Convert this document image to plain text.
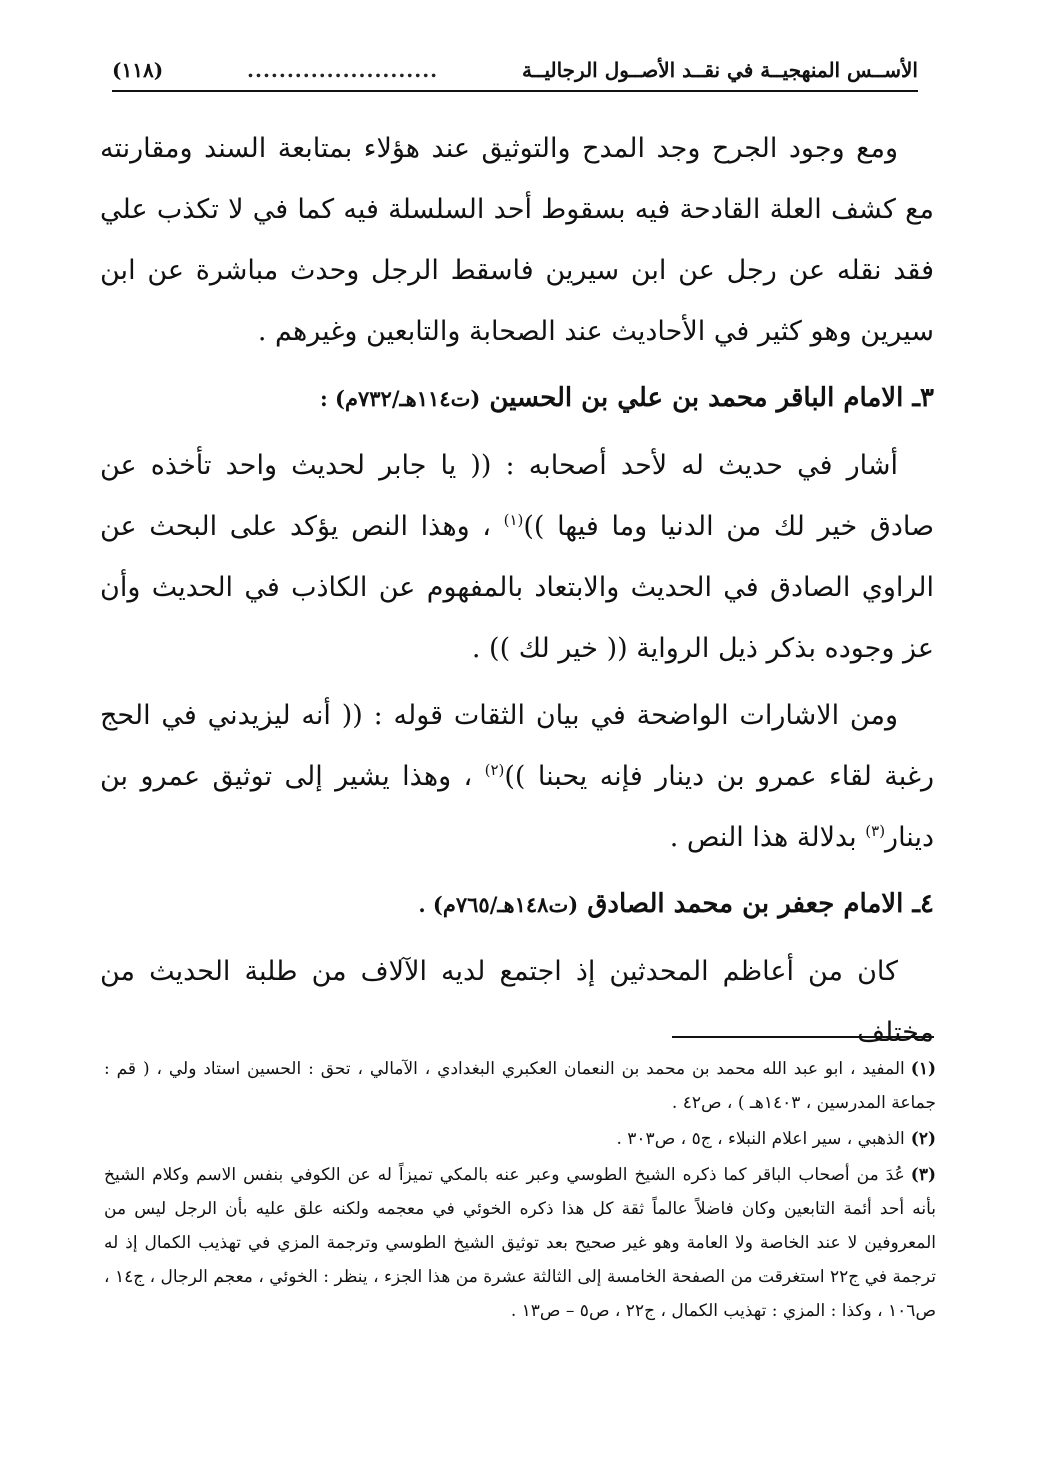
الأســس المنهجيــة في نقــد الأصــول الرجاليــة
........................
(١١٨)

ومع وجود الجرح وجد المدح والتوثيق عند هؤلاء بمتابعة السند ومقارنته مع كشف العلة القادحة فيه بسقوط أحد السلسلة فيه كما في لا تكذب علي فقد نقله عن رجل عن ابن سيرين فاسقط الرجل وحدث مباشرة عن ابن سيرين وهو كثير في الأحاديث عند الصحابة والتابعين وغيرهم .

٣ـ الامام الباقر محمد بن علي بن الحسين (ت١١٤هـ/٧٣٢م) :

أشار في حديث له لأحد أصحابه : (( يا جابر لحديث واحد تأخذه عن صادق خير لك من الدنيا وما فيها ))$^{(١)}$ ، وهذا النص يؤكد على البحث عن الراوي الصادق في الحديث والابتعاد بالمفهوم عن الكاذب في الحديث وأن عز وجوده بذكر ذيل الرواية (( خير لك )) .

ومن الاشارات الواضحة في بيان الثقات قوله : (( أنه ليزيدني في الحج رغبة لقاء عمرو بن دينار فإنه يحبنا ))$^{(٢)}$ ، وهذا يشير إلى توثيق عمرو بن دينار$^{(٣)}$ بدلالة هذا النص .

٤ـ الامام جعفر بن محمد الصادق (ت١٤٨هـ/٧٦٥م) .

كان من أعاظم المحدثين إذ اجتمع لديه الآلاف من طلبة الحديث من مختلف

(١)المفيد ، ابو عبد الله محمد بن محمد بن النعمان العكبري البغدادي ، الآمالي ، تحق : الحسين استاد ولي ، ( قم : جماعة المدرسين ، ١٤٠٣هـ ) ، ص٤٢ .

(٢)الذهبي ، سير اعلام النبلاء ، ج٥ ، ص٣٠٣ .

(٣)عُدَ من أصحاب الباقر كما ذكره الشيخ الطوسي وعبر عنه بالمكي تميزاً له عن الكوفي بنفس الاسم وكلام الشيخ بأنه أحد أئمة التابعين وكان فاضلاً عالماً ثقة كل هذا ذكره الخوئي في معجمه ولكنه علق عليه بأن الرجل ليس من المعروفين لا عند الخاصة ولا العامة وهو غير صحيح بعد توثيق الشيخ الطوسي وترجمة المزي في تهذيب الكمال إذ له ترجمة في ج٢٢ استغرقت من الصفحة الخامسة إلى الثالثة عشرة من هذا الجزء ، ينظر : الخوئي ، معجم الرجال ، ج١٤ ، ص١٠٦ ، وكذا : المزي : تهذيب الكمال ، ج٢٢ ، ص٥ – ص١٣ .
